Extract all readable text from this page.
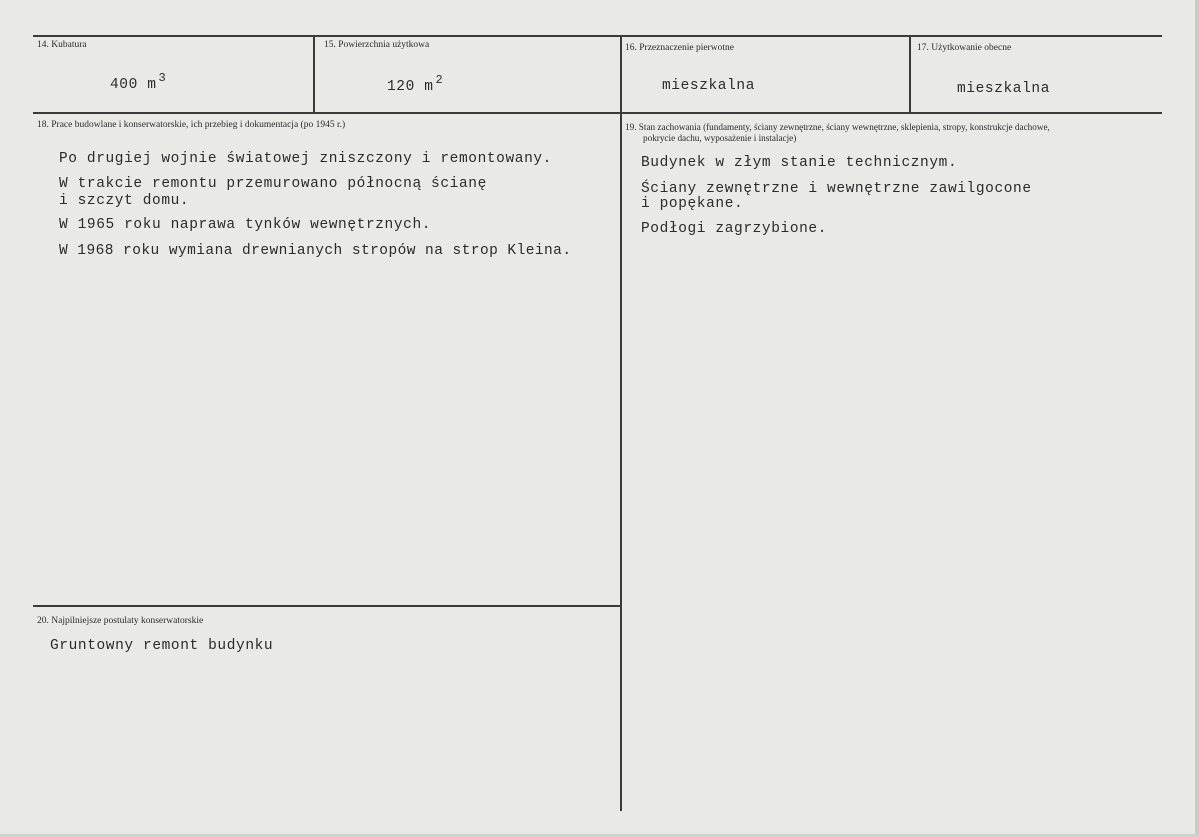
14. Kubatura
400 m $^3$
15. Powierzchnia użytkowa
120 m $^2$
16. Przeznaczenie pierwotne
mieszkalna
17. Użytkowanie obecne
mieszkalna
18. Prace budowlane i konserwatorskie, ich przebieg i dokumentacja (po 1945 r.)
Po drugiej wojnie światowej zniszczony i remontowany.
W trakcie remontu przemurowano północną ścianę
i szczyt domu.
W 1965 roku naprawa tynków wewnętrznych.
W 1968 roku wymiana drewnianych stropów na strop Kleina.
19. Stan zachowania (fundamenty, ściany zewnętrzne, ściany wewnętrzne, sklepienia, stropy, konstrukcje dachowe,
pokrycie dachu, wyposażenie i instalacje)
Budynek w złym stanie technicznym.
Ściany zewnętrzne i wewnętrzne zawilgocone
i popękane.
Podłogi zagrzybione.
20. Najpilniejsze postulaty konserwatorskie
Gruntowny remont budynku
